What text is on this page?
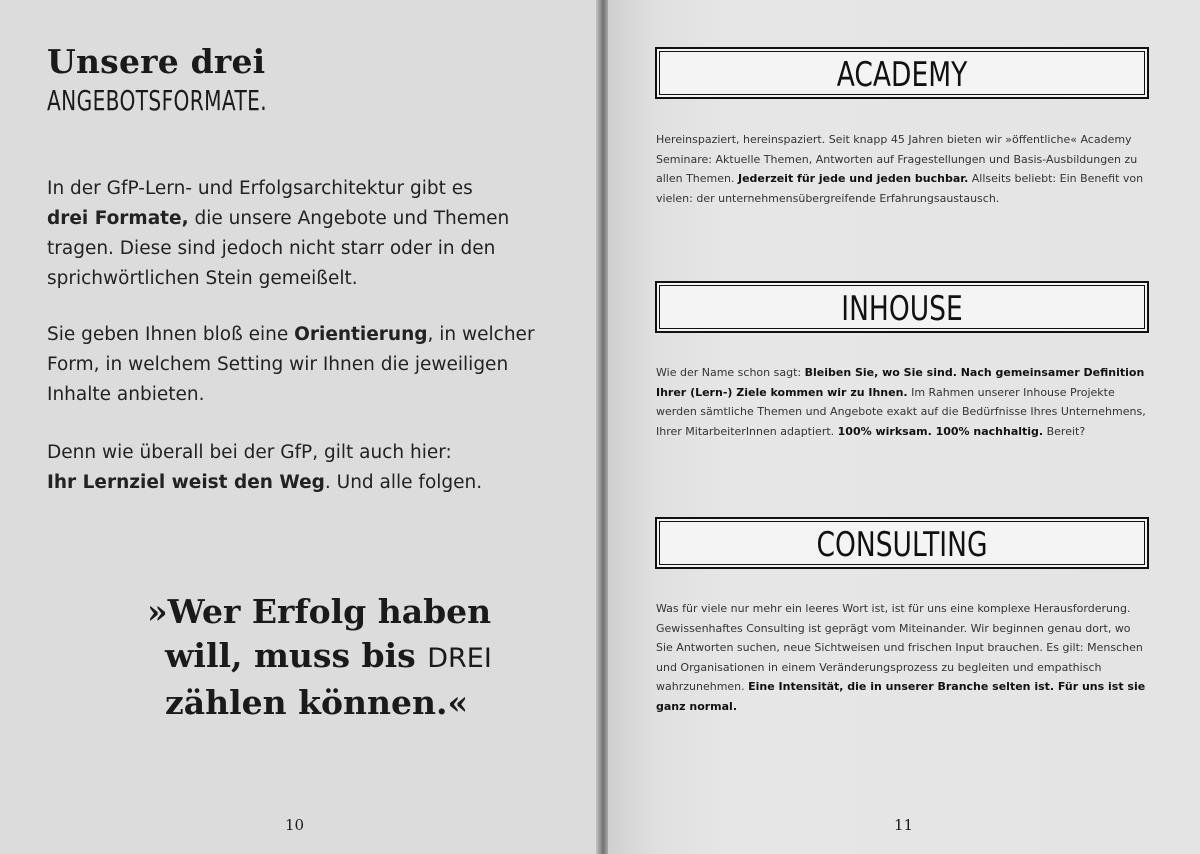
Unsere drei
ANGEBOTSFORMATE.
In der GfP-Lern- und Erfolgsarchitektur gibt es
drei Formate, die unsere Angebote und Themen tragen. Diese sind jedoch nicht starr oder in den sprichwörtlichen Stein gemeißelt.
Sie geben Ihnen bloß eine Orientierung, in welcher Form, in welchem Setting wir Ihnen die jeweiligen Inhalte anbieten.
Denn wie überall bei der GfP, gilt auch hier:
Ihr Lernziel weist den Weg. Und alle folgen.
»Wer Erfolg haben
will, muss bis DREI
zählen können.«
10
ACADEMY
Hereinspaziert, hereinspaziert. Seit knapp 45 Jahren bieten wir »öffentliche« Academy Seminare: Aktuelle Themen, Antworten auf Fragestellungen und Basis-Ausbildungen zu allen Themen. Jederzeit für jede und jeden buchbar. Allseits beliebt: Ein Benefit von vielen: der unternehmensübergreifende Erfahrungsaustausch.
INHOUSE
Wie der Name schon sagt: Bleiben Sie, wo Sie sind. Nach gemeinsamer Definition Ihrer (Lern-) Ziele kommen wir zu Ihnen. Im Rahmen unserer Inhouse Projekte werden sämtliche Themen und Angebote exakt auf die Bedürfnisse Ihres Unternehmens, Ihrer MitarbeiterInnen adaptiert. 100% wirksam. 100% nachhaltig. Bereit?
CONSULTING
Was für viele nur mehr ein leeres Wort ist, ist für uns eine komplexe Herausforderung. Gewissenhaftes Consulting ist geprägt vom Miteinander. Wir beginnen genau dort, wo Sie Antworten suchen, neue Sichtweisen und frischen Input brauchen. Es gilt: Menschen und Organisationen in einem Veränderungsprozess zu begleiten und empathisch wahrzunehmen. Eine Intensität, die in unserer Branche selten ist. Für uns ist sie ganz normal.
11
